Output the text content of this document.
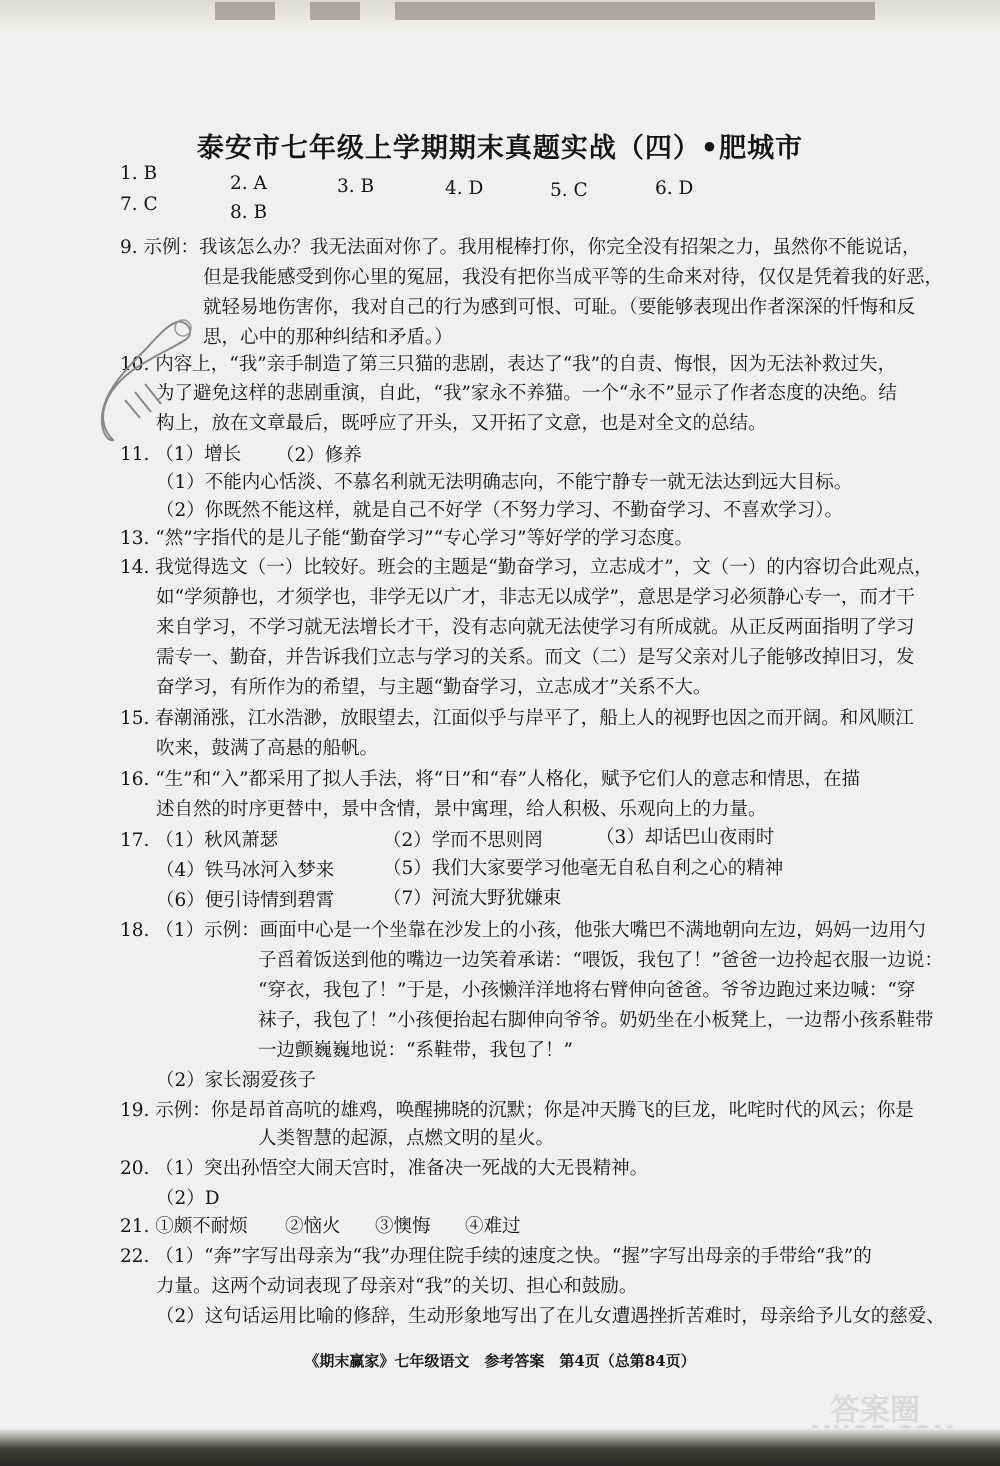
泰安市七年级上学期期末真题实战（四）•肥城市
1. B	2. A	3. B	4. D	5. C	6. D
7. C	8. B
9. 示例：我该怎么办？我无法面对你了。我用棍棒打你，你完全没有招架之力，虽然你不能说话，
但是我能感受到你心里的冤屈，我没有把你当成平等的生命来对待，仅仅是凭着我的好恶，
就轻易地伤害你，我对自己的行为感到可恨、可耻。（要能够表现出作者深深的忏悔和反
思，心中的那种纠结和矛盾。）
10. 内容上，“我”亲手制造了第三只猫的悲剧，表达了“我”的自责、悔恨，因为无法补救过失，
为了避免这样的悲剧重演，自此，“我”家永不养猫。一个“永不”显示了作者态度的决绝。结
构上，放在文章最后，既呼应了开头，又开拓了文意，也是对全文的总结。
11. （1）增长 （2）修养
（1）不能内心恬淡、不慕名利就无法明确志向，不能宁静专一就无法达到远大目标。
（2）你既然不能这样，就是自己不好学（不努力学习、不勤奋学习、不喜欢学习）。
13. “然”字指代的是儿子能“勤奋学习”“专心学习”等好学的学习态度。
14. 我觉得选文（一）比较好。班会的主题是“勤奋学习，立志成才”，文（一）的内容切合此观点，
如“学须静也，才须学也，非学无以广才，非志无以成学”，意思是学习必须静心专一，而才干
来自学习，不学习就无法增长才干，没有志向就无法使学习有所成就。从正反两面指明了学习
需专一、勤奋，并告诉我们立志与学习的关系。而文（二）是写父亲对儿子能够改掉旧习，发
奋学习，有所作为的希望，与主题“勤奋学习，立志成才”关系不大。
15. 春潮涌涨，江水浩渺，放眼望去，江面似乎与岸平了，船上人的视野也因之而开阔。和风顺江
吹来，鼓满了高悬的船帆。
16. “生”和“入”都采用了拟人手法，将“日”和“春”人格化，赋予它们人的意志和情思，在描
述自然的时序更替中，景中含情，景中寓理，给人积极、乐观向上的力量。
17. （1）秋风萧瑟	（2）学而不思则罔	（3）却话巴山夜雨时
（4）铁马冰河入梦来	（5）我们大家要学习他毫无自私自利之心的精神
（6）便引诗情到碧霄	（7）河流大野犹嫌束
18. （1）示例：画面中心是一个坐靠在沙发上的小孩，他张大嘴巴不满地朝向左边，妈妈一边用勺
子舀着饭送到他的嘴边一边笑着承诺：“喂饭，我包了！”爸爸一边拎起衣服一边说：
“穿衣，我包了！”于是，小孩懒洋洋地将右臂伸向爸爸。爷爷边跑过来边喊：“穿
袜子，我包了！”小孩便抬起右脚伸向爷爷。奶奶坐在小板凳上，一边帮小孩系鞋带
一边颤巍巍地说：“系鞋带，我包了！”
（2）家长溺爱孩子
19. 示例：你是昂首高吭的雄鸡，唤醒拂晓的沉默；你是冲天腾飞的巨龙，叱咤时代的风云；你是
人类智慧的起源，点燃文明的星火。
20. （1）突出孙悟空大闹天宫时，准备决一死战的大无畏精神。
（2）D
21. ①颇不耐烦 ②恼火 ③懊悔 ④难过
22. （1）“奔”字写出母亲为“我”办理住院手续的速度之快。“握”字写出母亲的手带给“我”的
力量。这两个动词表现了母亲对“我”的关切、担心和鼓励。
（2）这句话运用比喻的修辞，生动形象地写出了在儿女遭遇挫折苦难时，母亲给予儿女的慈爱、
《期末赢家》七年级语文　参考答案　第4页（总第84页）
答案圈
